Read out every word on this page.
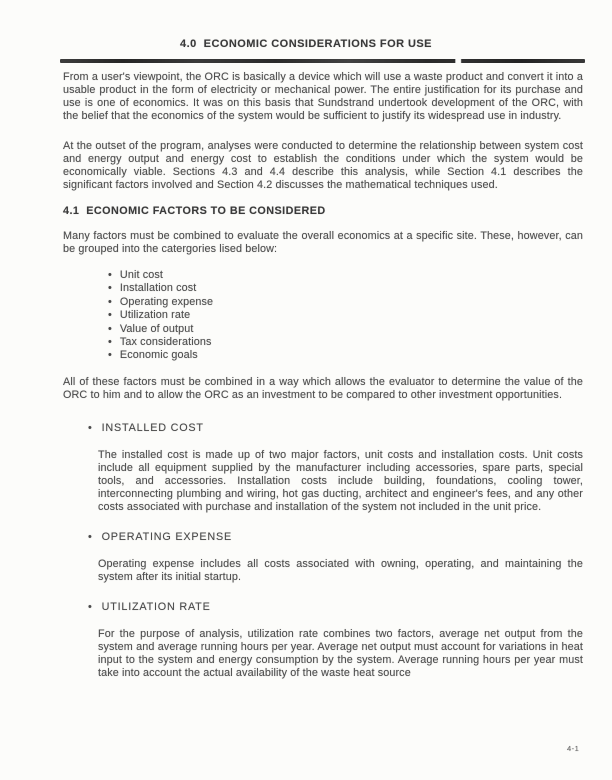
4.0  ECONOMIC CONSIDERATIONS FOR USE

From a user's viewpoint, the ORC is basically a device which will use a waste product and convert it into a usable product in the form of electricity or mechanical power. The entire justification for its purchase and use is one of economics. It was on this basis that Sundstrand undertook development of the ORC, with the belief that the economics of the system would be sufficient to justify its widespread use in industry.

At the outset of the program, analyses were conducted to determine the relationship between system cost and energy output and energy cost to establish the conditions under which the system would be economically viable. Sections 4.3 and 4.4 describe this analysis, while Section 4.1 describes the significant factors involved and Section 4.2 discusses the mathematical techniques used.

4.1  ECONOMIC FACTORS TO BE CONSIDERED

Many factors must be combined to evaluate the overall economics at a specific site. These, however, can be grouped into the catergories lised below:

•Unit cost
•Installation cost
•Operating expense
•Utilization rate
•Value of output
•Tax considerations
•Economic goals

All of these factors must be combined in a way which allows the evaluator to determine the value of the ORC to him and to allow the ORC as an investment to be compared to other investment opportunities.

•INSTALLED COST

The installed cost is made up of two major factors, unit costs and installation costs. Unit costs include all equipment supplied by the manufacturer including accessories, spare parts, special tools, and accessories. Installation costs include building, foundations, cooling tower, interconnecting plumbing and wiring, hot gas ducting, architect and engineer's fees, and any other costs associated with purchase and installation of the system not included in the unit price.

•OPERATING EXPENSE

Operating expense includes all costs associated with owning, operating, and maintaining the system after its initial startup.

•UTILIZATION RATE

For the purpose of analysis, utilization rate combines two factors, average net output from the system and average running hours per year. Average net output must account for variations in heat input to the system and energy consumption by the system. Average running hours per year must take into account the actual availability of the waste heat source

4-1
